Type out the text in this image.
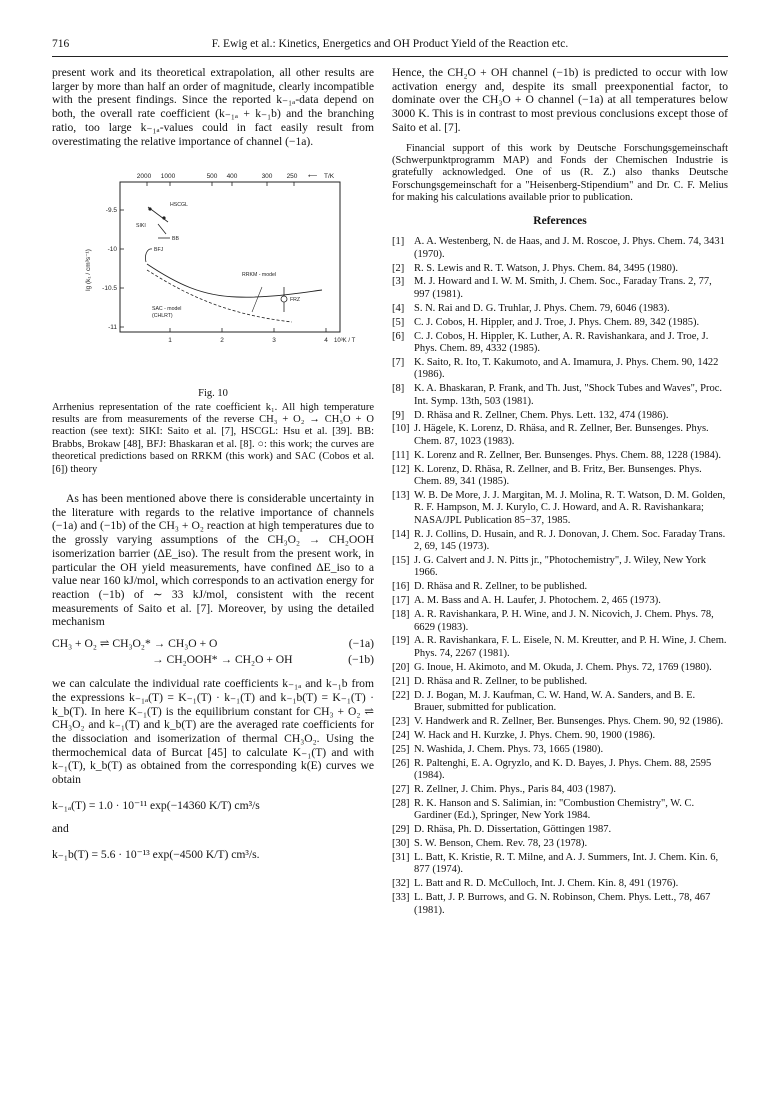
716	F. Ewig et al.: Kinetics, Energetics and OH Product Yield of the Reaction etc.

present work and its theoretical extrapolation, all other results are larger by more than half an order of magnitude, clearly incompatible with the present findings. Since the reported k₋₁ₐ-data depend on both, the overall rate coefficient (k₋₁ₐ + k₋₁b) and the branching ratio, too large k₋₁ₐ-values could in fact easily result from overestimating the relative importance of channel (−1a).

2000 1000	500 400	300 250 ⟵ T/K
-9.5
-10
-10.5
-11
lg (k₁ / cm³s⁻¹)
1	2	3	4 10³K / T
HSCGL
SIKI
BB
BFJ
RRKM - model
FRZ
SAC - model
(CHLRT)
Fig. 10

Arrhenius representation of the rate coefficient k₁. All high temperature results are from measurements of the reverse CH₃ + O₂ → CH₃O + O reaction (see text): SIKI: Saito et al. [7], HSCGL: Hsu et al. [39]. BB: Brabbs, Brokaw [48], BFJ: Bhaskaran et al. [8]. ○: this work; the curves are theoretical predictions based on RRKM (this work) and SAC (Cobos et al. [6]) theory

As has been mentioned above there is considerable uncertainty in the literature with regards to the relative importance of channels (−1a) and (−1b) of the CH₃ + O₂ reaction at high temperatures due to the grossly varying assumptions of the CH₃O₂ → CH₂OOH isomerization barrier (ΔE_iso). The result from the present work, in particular the OH yield measurements, have confined ΔE_iso to a value near 160 kJ/mol, which corresponds to an activation energy for reaction (−1b) of ∼ 33 kJ/mol, consistent with the recent measurements of Saito et al. [7]. Moreover, by using the detailed mechanism

CH₃ + O₂ ⇌ CH₃O₂* → CH₃O + O	(−1a)
→ CH₂OOH* → CH₂O + OH	(−1b)

we can calculate the individual rate coefficients k₋₁ₐ and k₋₁b from the expressions k₋₁ₐ(T) = K₋₁(T) · k₋₁(T) and k₋₁b(T) = K₋₁(T) · k_b(T). In here K₋₁(T) is the equilibrium constant for CH₃ + O₂ ⇌ CH₃O₂ and k₋₁(T) and k_b(T) are the averaged rate coefficients for the dissociation and isomerization of thermal CH₃O₂. Using the thermochemical data of Burcat [45] to calculate K₋₁(T) and with k₋₁(T), k_b(T) as obtained from the corresponding k(E) curves we obtain

k₋₁ₐ(T) = 1.0 · 10⁻¹¹ exp(−14360 K/T) cm³/s

and

k₋₁b(T) = 5.6 · 10⁻¹³ exp(−4500 K/T) cm³/s.

Hence, the CH₂O + OH channel (−1b) is predicted to occur with low activation energy and, despite its small preexponential factor, to dominate over the CH₃O + O channel (−1a) at all temperatures below 3000 K. This is in contrast to most previous conclusions except those of Saito et al. [7].

Financial support of this work by Deutsche Forschungsgemeinschaft (Schwerpunktprogramm MAP) and Fonds der Chemischen Industrie is gratefully acknowledged. One of us (R. Z.) also thanks Deutsche Forschungsgemeinschaft for a "Heisenberg-Stipendium" and Dr. C. F. Melius for making his calculations available prior to publication.

References

[1] A. A. Westenberg, N. de Haas, and J. M. Roscoe, J. Phys. Chem. 74, 3431 (1970).

[2] R. S. Lewis and R. T. Watson, J. Phys. Chem. 84, 3495 (1980).

[3] M. J. Howard and I. W. M. Smith, J. Chem. Soc., Faraday Trans. 2, 77, 997 (1981).

[4] S. N. Rai and D. G. Truhlar, J. Phys. Chem. 79, 6046 (1983).

[5] C. J. Cobos, H. Hippler, and J. Troe, J. Phys. Chem. 89, 342 (1985).

[6] C. J. Cobos, H. Hippler, K. Luther, A. R. Ravishankara, and J. Troe, J. Phys. Chem. 89, 4332 (1985).

[7] K. Saito, R. Ito, T. Kakumoto, and A. Imamura, J. Phys. Chem. 90, 1422 (1986).

[8] K. A. Bhaskaran, P. Frank, and Th. Just, "Shock Tubes and Waves", Proc. Int. Symp. 13th, 503 (1981).

[9] D. Rhäsa and R. Zellner, Chem. Phys. Lett. 132, 474 (1986).

[10] J. Hägele, K. Lorenz, D. Rhäsa, and R. Zellner, Ber. Bunsenges. Phys. Chem. 87, 1023 (1983).

[11] K. Lorenz and R. Zellner, Ber. Bunsenges. Phys. Chem. 88, 1228 (1984).

[12] K. Lorenz, D. Rhäsa, R. Zellner, and B. Fritz, Ber. Bunsenges. Phys. Chem. 89, 341 (1985).

[13] W. B. De More, J. J. Margitan, M. J. Molina, R. T. Watson, D. M. Golden, R. F. Hampson, M. J. Kurylo, C. J. Howard, and A. R. Ravishankara; NASA/JPL Publication 85−37, 1985.

[14] R. J. Collins, D. Husain, and R. J. Donovan, J. Chem. Soc. Faraday Trans. 2, 69, 145 (1973).

[15] J. G. Calvert and J. N. Pitts jr., "Photochemistry", J. Wiley, New York 1966.

[16] D. Rhäsa and R. Zellner, to be published.

[17] A. M. Bass and A. H. Laufer, J. Photochem. 2, 465 (1973).

[18] A. R. Ravishankara, P. H. Wine, and J. N. Nicovich, J. Chem. Phys. 78, 6629 (1983).

[19] A. R. Ravishankara, F. L. Eisele, N. M. Kreutter, and P. H. Wine, J. Chem. Phys. 74, 2267 (1981).

[20] G. Inoue, H. Akimoto, and M. Okuda, J. Chem. Phys. 72, 1769 (1980).

[21] D. Rhäsa and R. Zellner, to be published.

[22] D. J. Bogan, M. J. Kaufman, C. W. Hand, W. A. Sanders, and B. E. Brauer, submitted for publication.

[23] V. Handwerk and R. Zellner, Ber. Bunsenges. Phys. Chem. 90, 92 (1986).

[24] W. Hack and H. Kurzke, J. Phys. Chem. 90, 1900 (1986).

[25] N. Washida, J. Chem. Phys. 73, 1665 (1980).

[26] R. Paltenghi, E. A. Ogryzlo, and K. D. Bayes, J. Phys. Chem. 88, 2595 (1984).

[27] R. Zellner, J. Chim. Phys., Paris 84, 403 (1987).

[28] R. K. Hanson and S. Salimian, in: "Combustion Chemistry", W. C. Gardiner (Ed.), Springer, New York 1984.

[29] D. Rhäsa, Ph. D. Dissertation, Göttingen 1987.

[30] S. W. Benson, Chem. Rev. 78, 23 (1978).

[31] L. Batt, K. Kristie, R. T. Milne, and A. J. Summers, Int. J. Chem. Kin. 6, 877 (1974).

[32] L. Batt and R. D. McCulloch, Int. J. Chem. Kin. 8, 491 (1976).

[33] L. Batt, J. P. Burrows, and G. N. Robinson, Chem. Phys. Lett., 78, 467 (1981).
